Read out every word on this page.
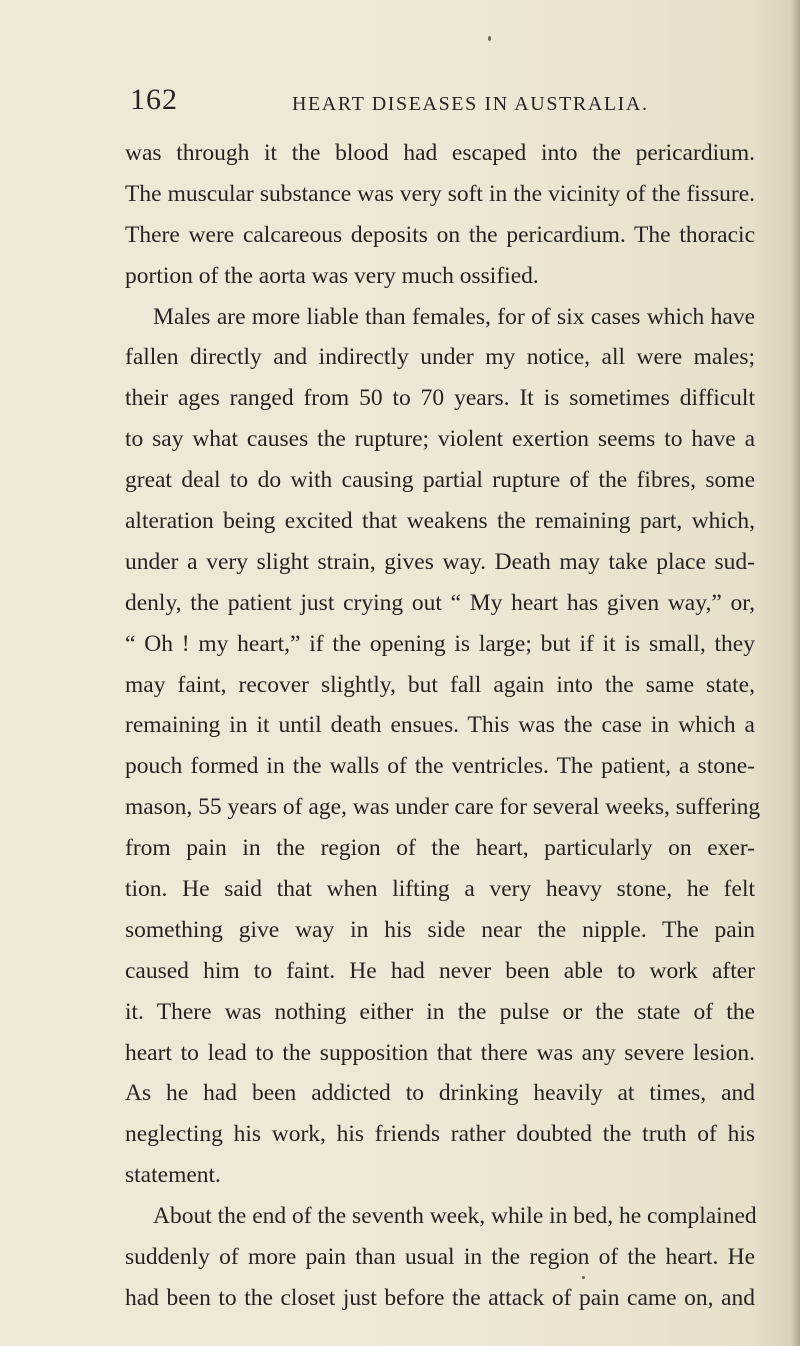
162	HEART DISEASES IN AUSTRALIA.
was through it the blood had escaped into the pericardium.
The muscular substance was very soft in the vicinity of the fissure.
There were calcareous deposits on the pericardium. The thoracic
portion of the aorta was very much ossified.
Males are more liable than females, for of six cases which have
fallen directly and indirectly under my notice, all were males;
their ages ranged from 50 to 70 years. It is sometimes difficult
to say what causes the rupture; violent exertion seems to have a
great deal to do with causing partial rupture of the fibres, some
alteration being excited that weakens the remaining part, which,
under a very slight strain, gives way. Death may take place sud-
denly, the patient just crying out “ My heart has given way,” or,
“ Oh ! my heart,” if the opening is large; but if it is small, they
may faint, recover slightly, but fall again into the same state,
remaining in it until death ensues. This was the case in which a
pouch formed in the walls of the ventricles. The patient, a stone-
mason, 55 years of age, was under care for several weeks, suffering
from pain in the region of the heart, particularly on exer-
tion. He said that when lifting a very heavy stone, he felt
something give way in his side near the nipple. The pain
caused him to faint. He had never been able to work after
it. There was nothing either in the pulse or the state of the
heart to lead to the supposition that there was any severe lesion.
As he had been addicted to drinking heavily at times, and
neglecting his work, his friends rather doubted the truth of his
statement.
About the end of the seventh week, while in bed, he complained
suddenly of more pain than usual in the region of the heart. He
had been to the closet just before the attack of pain came on, and
